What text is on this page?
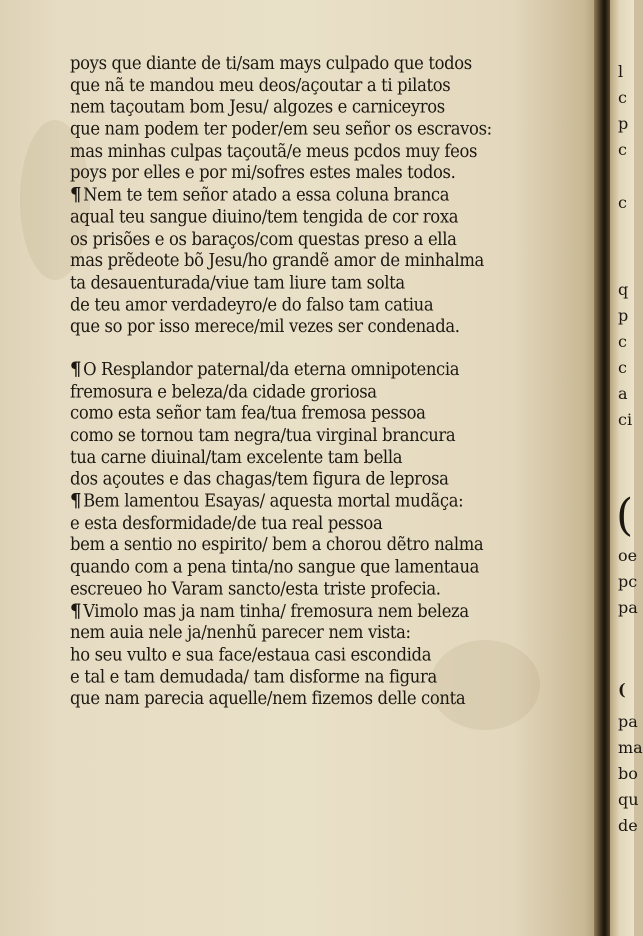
poys que diante de ti/sam mays culpado que todos
que nã te mandou meu deos/açoutar a ti pilatos
nem taçoutam bom Jesu/ algozes e carniceyros
que nam podem ter poder/em seu señor os escravos:
mas minhas culpas taçoutã/e meus pcdos muy feos
poys por elles e por mi/sofres estes males todos.
¶ Nem te tem señor atado a essa coluna branca
aqual teu sangue diuino/tem tengida de cor roxa
os prisões e os baraços/com questas preso a ella
mas prẽdeote bõ Jesu/ho grandẽ amor de minhalma
ta desauenturada/viue tam liure tam solta
de teu amor verdadeyro/e do falso tam catiua
que so por isso merece/mil vezes ser condenada.
¶ O Resplandor paternal/da eterna omnipotencia
fremosura e beleza/da cidade groriosa
como esta señor tam fea/tua fremosa pessoa
como se tornou tam negra/tua virginal brancura
tua carne diuinal/tam excelente tam bella
dos açoutes e das chagas/tem figura de leprosa
¶ Bem lamentou Esayas/ aquesta mortal mudãça:
e esta desformidade/de tua real pessoa
bem a sentio no espirito/ bem a chorou dẽtro nalma
quando com a pena tinta/no sangue que lamentaua
escreueo ho Varam sancto/esta triste profecia.
¶ Vimolo mas ja nam tinha/ fremosura nem beleza
nem auia nele ja/nenhũ parecer nem vista:
ho seu vulto e sua face/estaua casi escondida
e tal e tam demudada/ tam disforme na figura
que nam parecia aquelle/nem fizemos delle conta
l
c
p
c
c
q
p
c
c
a
ci
(
oe
pc
pa
(
pa
ma
bo
qu
de
